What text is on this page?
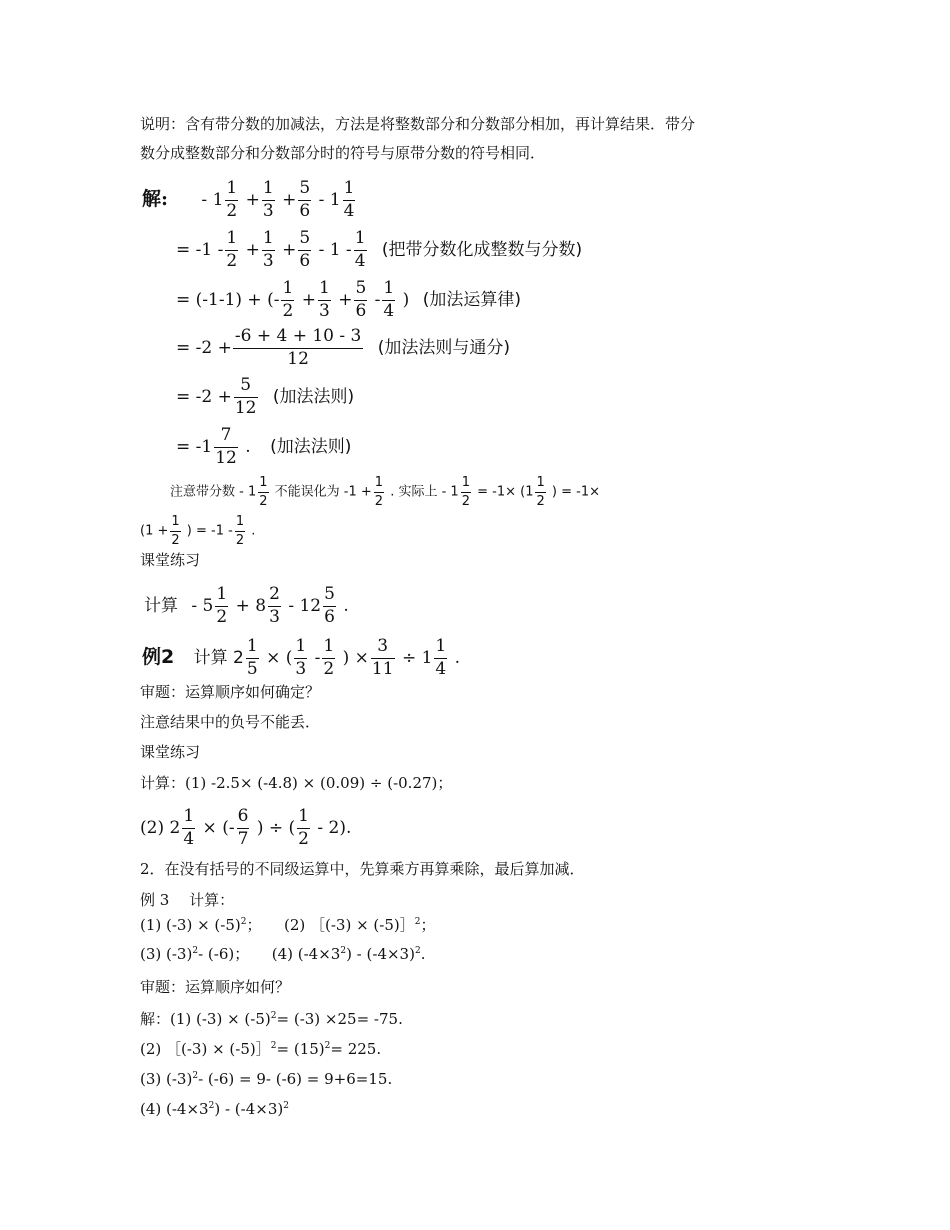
说明：含有带分数的加减法，方法是将整数部分和分数部分相加，再计算结果．带分
数分成整数部分和分数部分时的符号与原带分数的符号相同．
解: - $1 \frac{1}{2} + \frac{1}{3} + \frac{5}{6} - 1 \frac{1}{4}$
= $-1 - \frac{1}{2} + \frac{1}{3} + \frac{5}{6} - 1 - \frac{1}{4}$ (把带分数化成整数与分数)
= (-1-1) + (- $\frac{1}{2} + \frac{1}{3} + \frac{5}{6} - \frac{1}{4}$ ) (加法运算律)
= $-2 + \frac{-6 + 4 + 10 - 3}{12}$ (加法法则与通分)
= $-2 + \frac{5}{12}$ (加法法则)
= $-1 \frac{7}{12}$ . (加法法则)
注意带分数 - $1 \frac{1}{2}$ 不能误化为 $-1 + \frac{1}{2}$ . 实际上 - $1 \frac{1}{2} = -1\times (1 \frac{1}{2}$ ) = -1×
($1 + \frac{1}{2}$ ) = $-1 - \frac{1}{2}$ .
课堂练习
计算 - $5 \frac{1}{2} + 8 \frac{2}{3} - 12 \frac{5}{6}$ .
例2 计算 $2 \frac{1}{5}$ × ( $\frac{1}{3} - \frac{1}{2}$ ) × $\frac{3}{11} \div 1 \frac{1}{4}$ .
审题：运算顺序如何确定？
注意结果中的负号不能丢．
课堂练习
计算：(1) -2.5× (-4.8) × (0.09) ÷ (-0.27)；
(2) $2 \frac{1}{4}$ × (- $\frac{6}{7}$ ) ÷ ( $\frac{1}{2} - 2$).
2．在没有括号的不同级运算中，先算乘方再算乘除，最后算加减．
例 3　 计算：
(1) $(-3) \times (-5)^2$；　　(2) ［(-3) × (-5)］$^2$；
(3) $(-3)^2-$ (-6)；　　(4) $(-4\times 3^2) - (-4\times 3)^2$.
审题：运算顺序如何？
解：(1) $(-3) \times (-5)^2= (-3) \times 25= -75$.
(2) ［(-3) × (-5)］$^2$= $(15)^2= 225$.
(3) $(-3)^2-$ (-6) = 9- (-6) = 9+6=15.
(4) $(-4\times 3^2) - (-4\times 3)^2$
